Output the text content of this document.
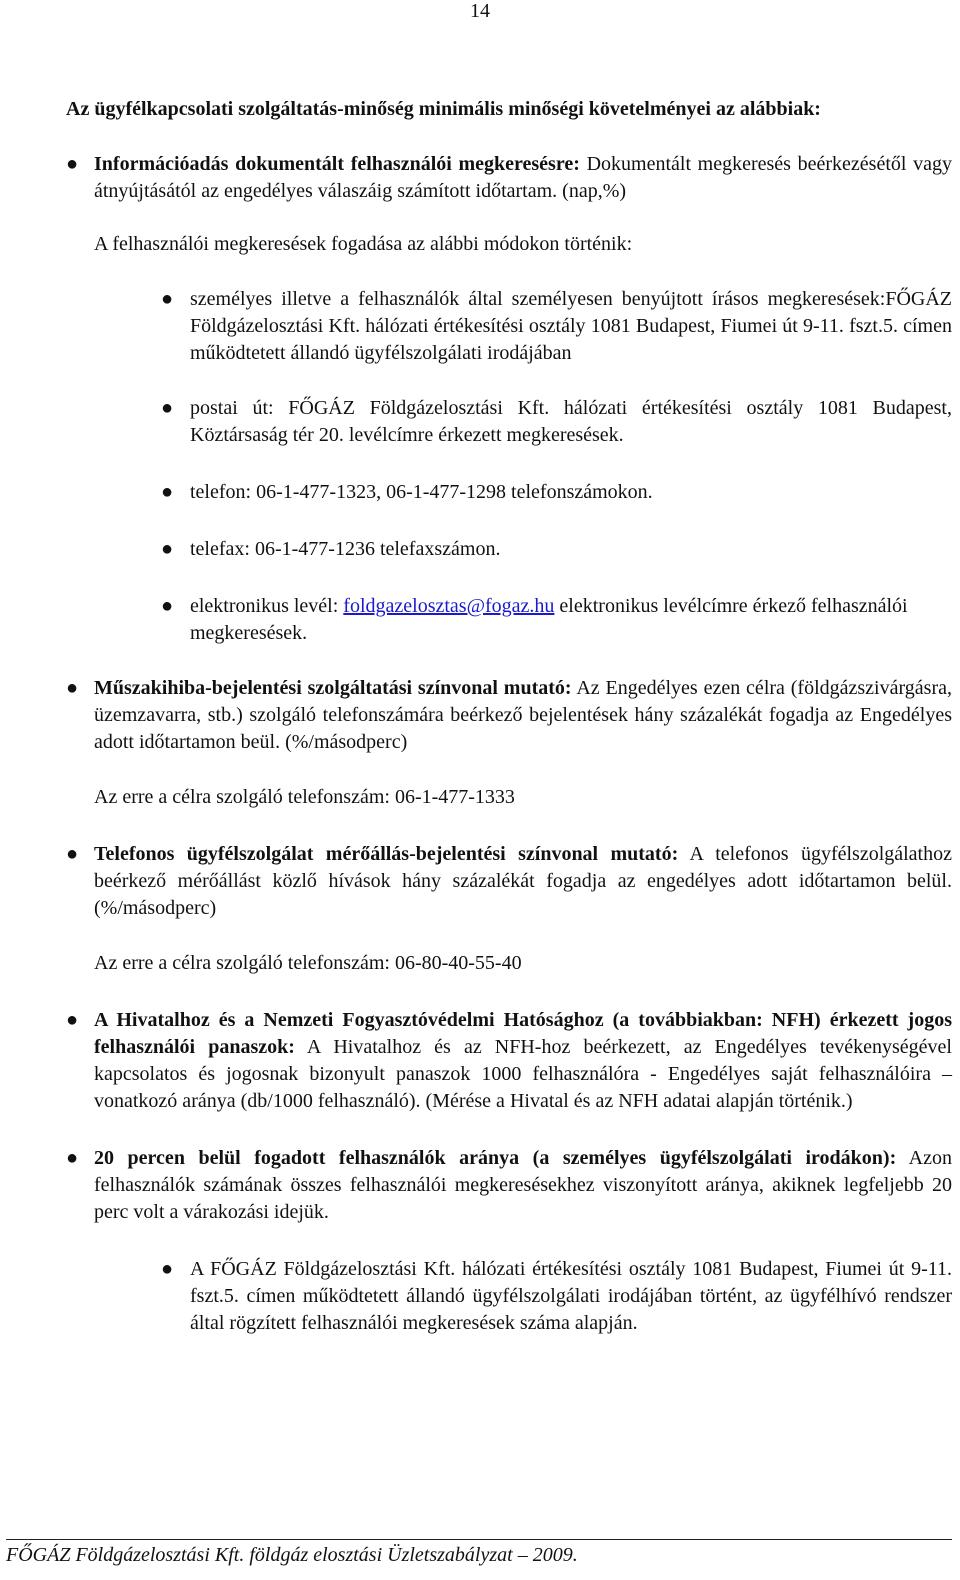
14

Az ügyfélkapcsolati szolgáltatás-minőség minimális minőségi követelményei az alábbiak:

● Információadás dokumentált felhasználói megkeresésre: Dokumentált megkeresés beérkezésétől vagy átnyújtásától az engedélyes válaszáig számított időtartam. (nap,%)

A felhasználói megkeresések fogadása az alábbi módokon történik:

● személyes illetve a felhasználók által személyesen benyújtott írásos megkeresések:FŐGÁZ Földgázelosztási Kft. hálózati értékesítési osztály 1081 Budapest, Fiumei út 9-11. fszt.5. címen működtetett állandó ügyfélszolgálati irodájában
● postai út: FŐGÁZ Földgázelosztási Kft. hálózati értékesítési osztály 1081 Budapest, Köztársaság tér 20. levélcímre érkezett megkeresések.
● telefon: 06-1-477-1323, 06-1-477-1298 telefonszámokon.
● telefax: 06-1-477-1236 telefaxszámon.
● elektronikus levél: foldgazelosztas@fogaz.hu elektronikus levélcímre érkező felhasználói megkeresések.
● Műszakihiba-bejelentési szolgáltatási színvonal mutató: Az Engedélyes ezen célra (földgázszivárgásra, üzemzavarra, stb.) szolgáló telefonszámára beérkező bejelentések hány százalékát fogadja az Engedélyes adott időtartamon beül. (%/másodperc)

Az erre a célra szolgáló telefonszám: 06-1-477-1333

● Telefonos ügyfélszolgálat mérőállás-bejelentési színvonal mutató: A telefonos ügyfélszolgálathoz beérkező mérőállást közlő hívások hány százalékát fogadja az engedélyes adott időtartamon belül. (%/másodperc)

Az erre a célra szolgáló telefonszám: 06-80-40-55-40

● A Hivatalhoz és a Nemzeti Fogyasztóvédelmi Hatósághoz (a továbbiakban: NFH) érkezett jogos felhasználói panaszok: A Hivatalhoz és az NFH-hoz beérkezett, az Engedélyes tevékenységével kapcsolatos és jogosnak bizonyult panaszok 1000 felhasználóra - Engedélyes saját felhasználóira – vonatkozó aránya (db/1000 felhasználó). (Mérése a Hivatal és az NFH adatai alapján történik.)
● 20 percen belül fogadott felhasználók aránya (a személyes ügyfélszolgálati irodákon): Azon felhasználók számának összes felhasználói megkeresésekhez viszonyított aránya, akiknek legfeljebb 20 perc volt a várakozási idejük.
● A FŐGÁZ Földgázelosztási Kft. hálózati értékesítési osztály 1081 Budapest, Fiumei út 9-11. fszt.5. címen működtetett állandó ügyfélszolgálati irodájában történt, az ügyfélhívó rendszer által rögzített felhasználói megkeresések száma alapján.
FŐGÁZ Földgázelosztási Kft. földgáz elosztási Üzletszabályzat – 2009.
